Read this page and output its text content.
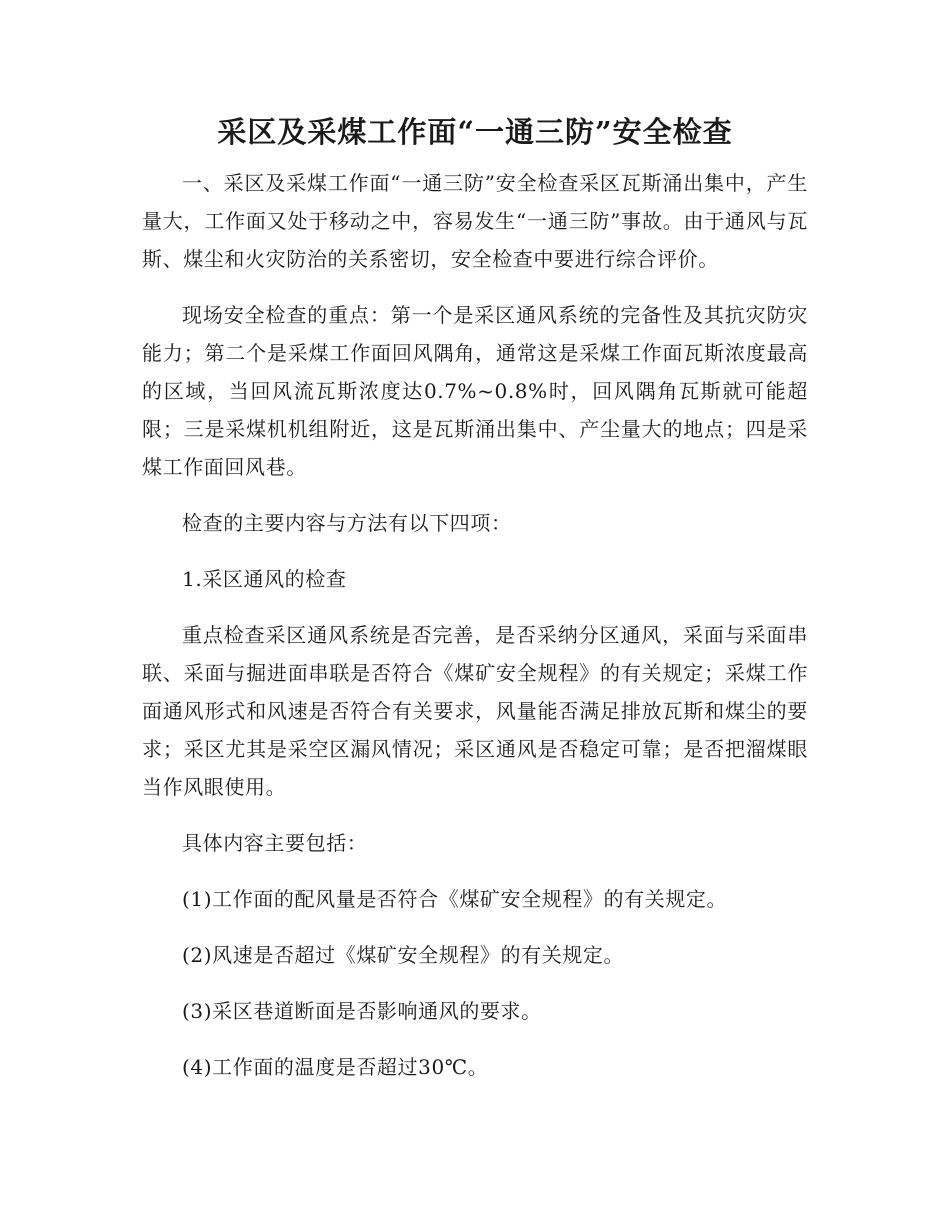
采区及采煤工作面“一通三防”安全检查

一、采区及采煤工作面“一通三防”安全检查采区瓦斯涌出集中，产生量大，工作面又处于移动之中，容易发生“一通三防”事故。由于通风与瓦斯、煤尘和火灾防治的关系密切，安全检查中要进行综合评价。

现场安全检查的重点：第一个是采区通风系统的完备性及其抗灾防灾能力；第二个是采煤工作面回风隅角，通常这是采煤工作面瓦斯浓度最高的区域，当回风流瓦斯浓度达0.7%~0.8%时，回风隅角瓦斯就可能超限；三是采煤机机组附近，这是瓦斯涌出集中、产尘量大的地点；四是采煤工作面回风巷。

检查的主要内容与方法有以下四项：

1.采区通风的检查

重点检查采区通风系统是否完善，是否采纳分区通风，采面与采面串联、采面与掘进面串联是否符合《煤矿安全规程》的有关规定；采煤工作面通风形式和风速是否符合有关要求，风量能否满足排放瓦斯和煤尘的要求；采区尤其是采空区漏风情况；采区通风是否稳定可靠；是否把溜煤眼当作风眼使用。

具体内容主要包括：

(1)工作面的配风量是否符合《煤矿安全规程》的有关规定。

(2)风速是否超过《煤矿安全规程》的有关规定。

(3)采区巷道断面是否影响通风的要求。

(4)工作面的温度是否超过30℃。
